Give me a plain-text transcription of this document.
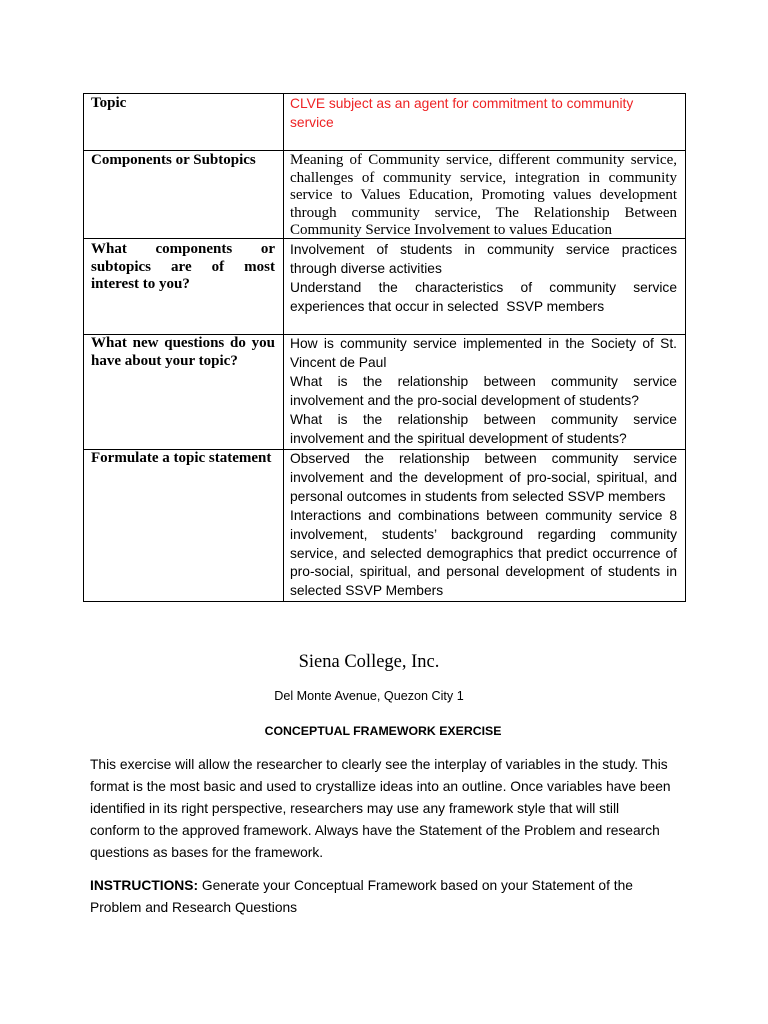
Topic	CLVE subject as an agent for commitment to community
service
Components or Subtopics	Meaning of Community service, different community service,
challenges of community service, integration in community
service to Values Education, Promoting values development
through community service, The Relationship Between
Community Service Involvement to values Education
What components or
subtopics are of most
interest to you?
Involvement of students in community service practices
through diverse activities
Understand the characteristics of community service
experiences that occur in selected  SSVP members
What new questions do you
have about your topic?
How is community service implemented in the Society of St.
Vincent de Paul
What is the relationship between community service
involvement and the pro-social development of students?
What is the relationship between community service
involvement and the spiritual development of students?
Formulate a topic statement Observed the relationship between community service
involvement and the development of pro-social, spiritual, and
personal outcomes in students from selected SSVP members
Interactions and combinations between community service 8
involvement, students’ background regarding community
service, and selected demographics that predict occurrence of
pro-social, spiritual, and personal development of students in
selected SSVP Members
Siena College, Inc.
Del Monte Avenue, Quezon City 1
CONCEPTUAL FRAMEWORK EXERCISE
This exercise will allow the researcher to clearly see the interplay of variables in the study. This
format is the most basic and used to crystallize ideas into an outline. Once variables have been
identified in its right perspective, researchers may use any framework style that will still
conform to the approved framework. Always have the Statement of the Problem and research
questions as bases for the framework.
INSTRUCTIONS: Generate your Conceptual Framework based on your Statement of the
Problem and Research Questions
